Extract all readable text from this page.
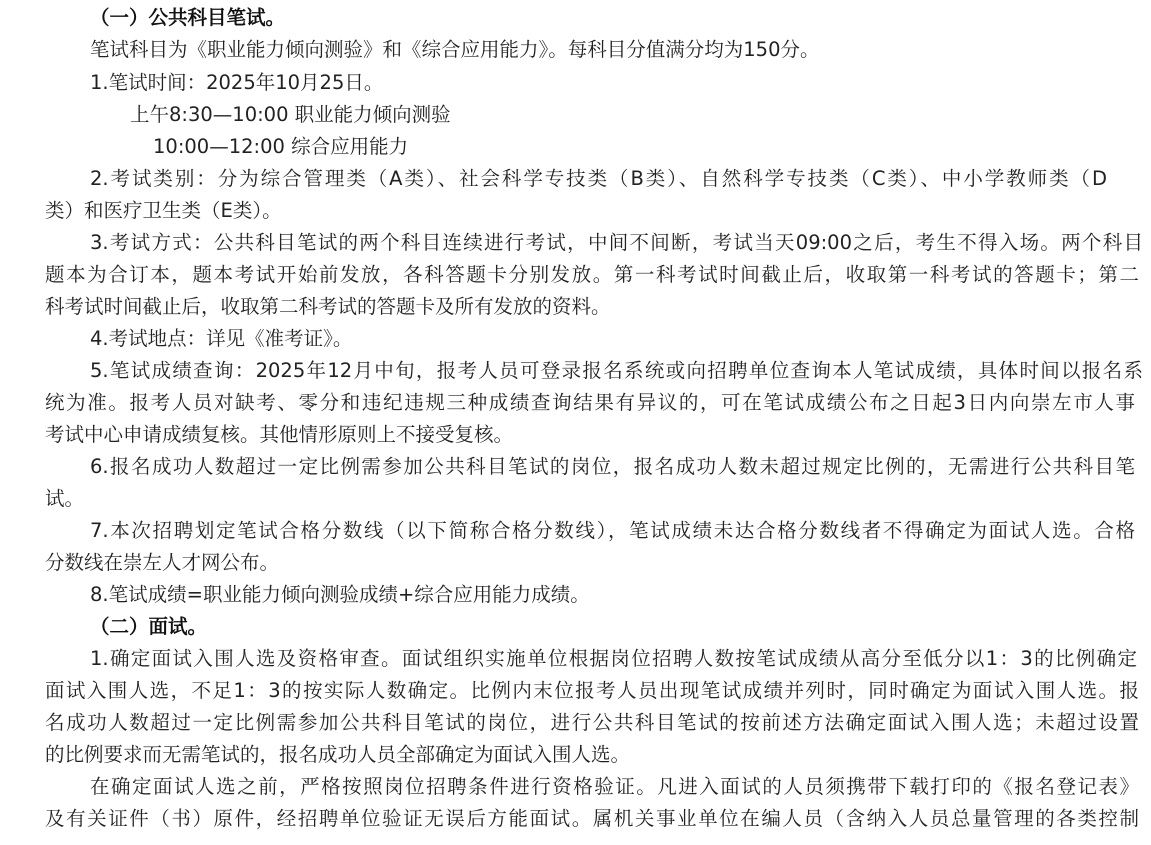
（一）公共科目笔试。
笔试科目为《职业能力倾向测验》和《综合应用能力》。每科目分值满分均为150分。
1.笔试时间：2025年10月25日。
上午8:30—10:00 职业能力倾向测验
10:00—12:00 综合应用能力
2.考试类别：分为综合管理类（A类）、社会科学专技类（B类）、自然科学专技类（C类）、中小学教师类（D
类）和医疗卫生类（E类）。
3.考试方式：公共科目笔试的两个科目连续进行考试，中间不间断，考试当天09:00之后，考生不得入场。两个科目
题本为合订本，题本考试开始前发放，各科答题卡分别发放。第一科考试时间截止后，收取第一科考试的答题卡；第二
科考试时间截止后，收取第二科考试的答题卡及所有发放的资料。
4.考试地点：详见《准考证》。
5.笔试成绩查询：2025年12月中旬，报考人员可登录报名系统或向招聘单位查询本人笔试成绩，具体时间以报名系
统为准。报考人员对缺考、零分和违纪违规三种成绩查询结果有异议的，可在笔试成绩公布之日起3日内向崇左市人事
考试中心申请成绩复核。其他情形原则上不接受复核。
6.报名成功人数超过一定比例需参加公共科目笔试的岗位，报名成功人数未超过规定比例的，无需进行公共科目笔
试。
7.本次招聘划定笔试合格分数线（以下简称合格分数线），笔试成绩未达合格分数线者不得确定为面试人选。合格
分数线在崇左人才网公布。
8.笔试成绩=职业能力倾向测验成绩+综合应用能力成绩。
（二）面试。
1.确定面试入围人选及资格审查。面试组织实施单位根据岗位招聘人数按笔试成绩从高分至低分以1：3的比例确定
面试入围人选，不足1：3的按实际人数确定。比例内末位报考人员出现笔试成绩并列时，同时确定为面试入围人选。报
名成功人数超过一定比例需参加公共科目笔试的岗位，进行公共科目笔试的按前述方法确定面试入围人选；未超过设置
的比例要求而无需笔试的，报名成功人员全部确定为面试入围人选。
在确定面试人选之前，严格按照岗位招聘条件进行资格验证。凡进入面试的人员须携带下载打印的《报名登记表》
及有关证件（书）原件，经招聘单位验证无误后方能面试。属机关事业单位在编人员（含纳入人员总量管理的各类控制
